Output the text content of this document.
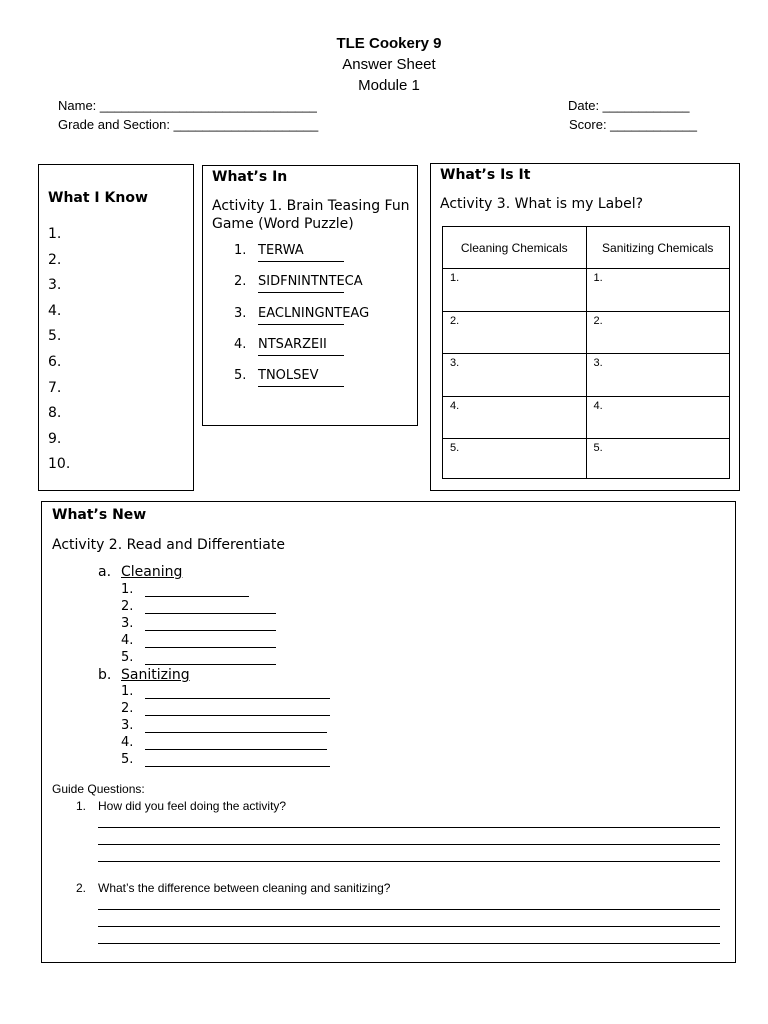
TLE Cookery 9
Answer Sheet
Module 1
Name: ______________________________
Grade and Section: ____________________
Date: ____________
Score: ____________
What I Know
1.
2.
3.
4.
5.
6.
7.
8.
9.
10.
What’s In
Activity 1. Brain Teasing Fun Game (Word Puzzle)
1. TERWA
2. SIDFNINTNTECA
3. EACLNINGNTEAG
4. NTSARZEII
5. TNOLSEV
What’s Is It
Activity 3. What is my Label?
Cleaning Chemicals	Sanitizing Chemicals
1.	1.
2.	2.
3.	3.
4.	4.
5.	5.
What’s New
Activity 2. Read and Differentiate
a. Cleaning
1.
2.
3.
4.
5.
b. Sanitizing
1.
2.
3.
4.
5.
Guide Questions:
1. How did you feel doing the activity?
2. What’s the difference between cleaning and sanitizing?
